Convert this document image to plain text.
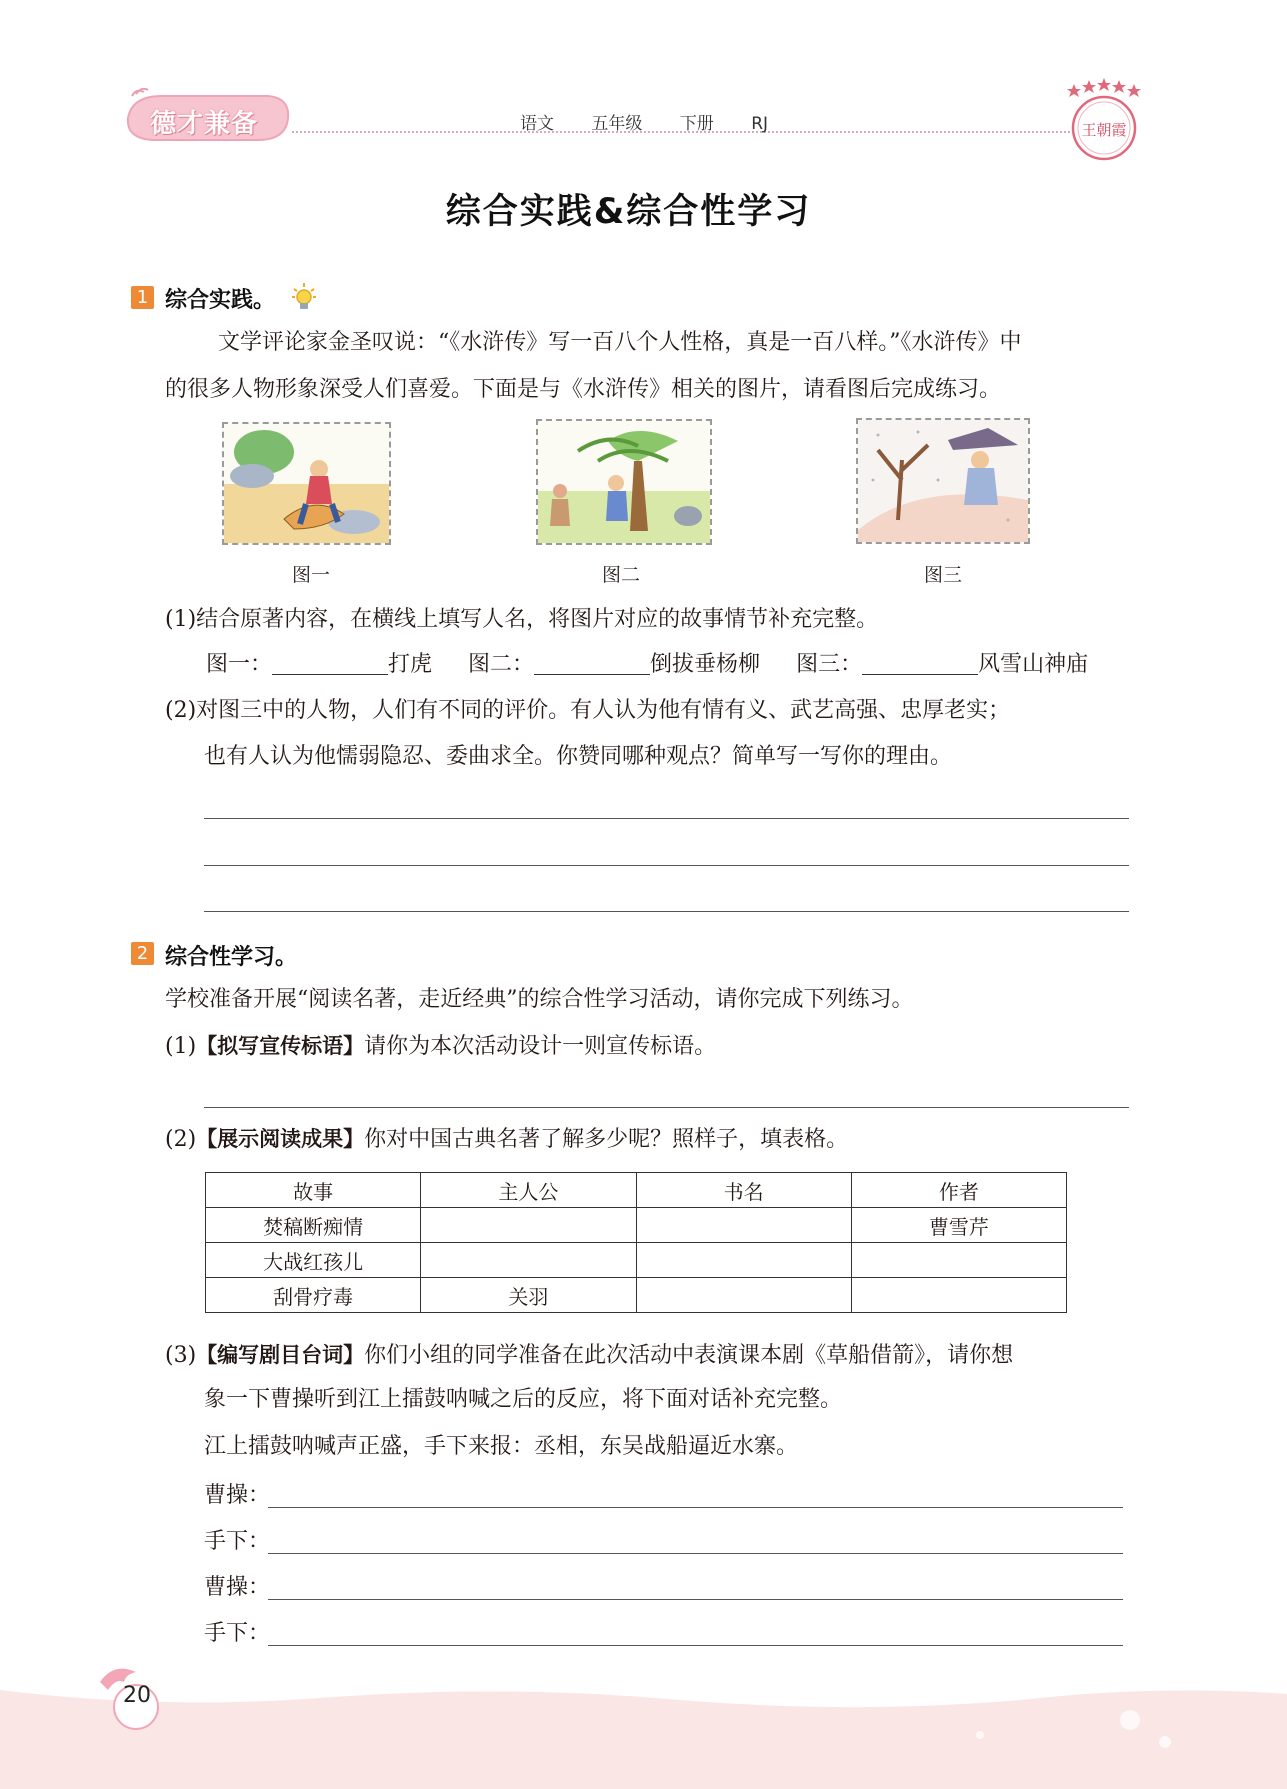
德才兼备	语文 五年级 下册 RJ	王朝霞
综合实践&综合性学习
1 综合实践。
文学评论家金圣叹说：“《水浒传》写一百八个人性格，真是一百八样。”《水浒传》中
的很多人物形象深受人们喜爱。下面是与《水浒传》相关的图片，请看图后完成练习。
图一	图二	图三
(1)结合原著内容，在横线上填写人名，将图片对应的故事情节补充完整。
图一：	打虎 图二：	倒拔垂杨柳 图三：	风雪山神庙
(2)对图三中的人物，人们有不同的评价。有人认为他有情有义、武艺高强、忠厚老实；
也有人认为他懦弱隐忍、委曲求全。你赞同哪种观点？简单写一写你的理由。
2 综合性学习。
学校准备开展“阅读名著，走近经典”的综合性学习活动，请你完成下列练习。
(1)【拟写宣传标语】请你为本次活动设计一则宣传标语。
(2)【展示阅读成果】你对中国古典名著了解多少呢？照样子，填表格。
故事	主人公	书名	作者
焚稿断痴情			曹雪芹
大战红孩儿			
刮骨疗毒	关羽		
(3)【编写剧目台词】你们小组的同学准备在此次活动中表演课本剧《草船借箭》，请你想
象一下曹操听到江上擂鼓呐喊之后的反应，将下面对话补充完整。
江上擂鼓呐喊声正盛，手下来报：丞相，东吴战船逼近水寨。
曹操：
手下：
曹操：
手下：
20
